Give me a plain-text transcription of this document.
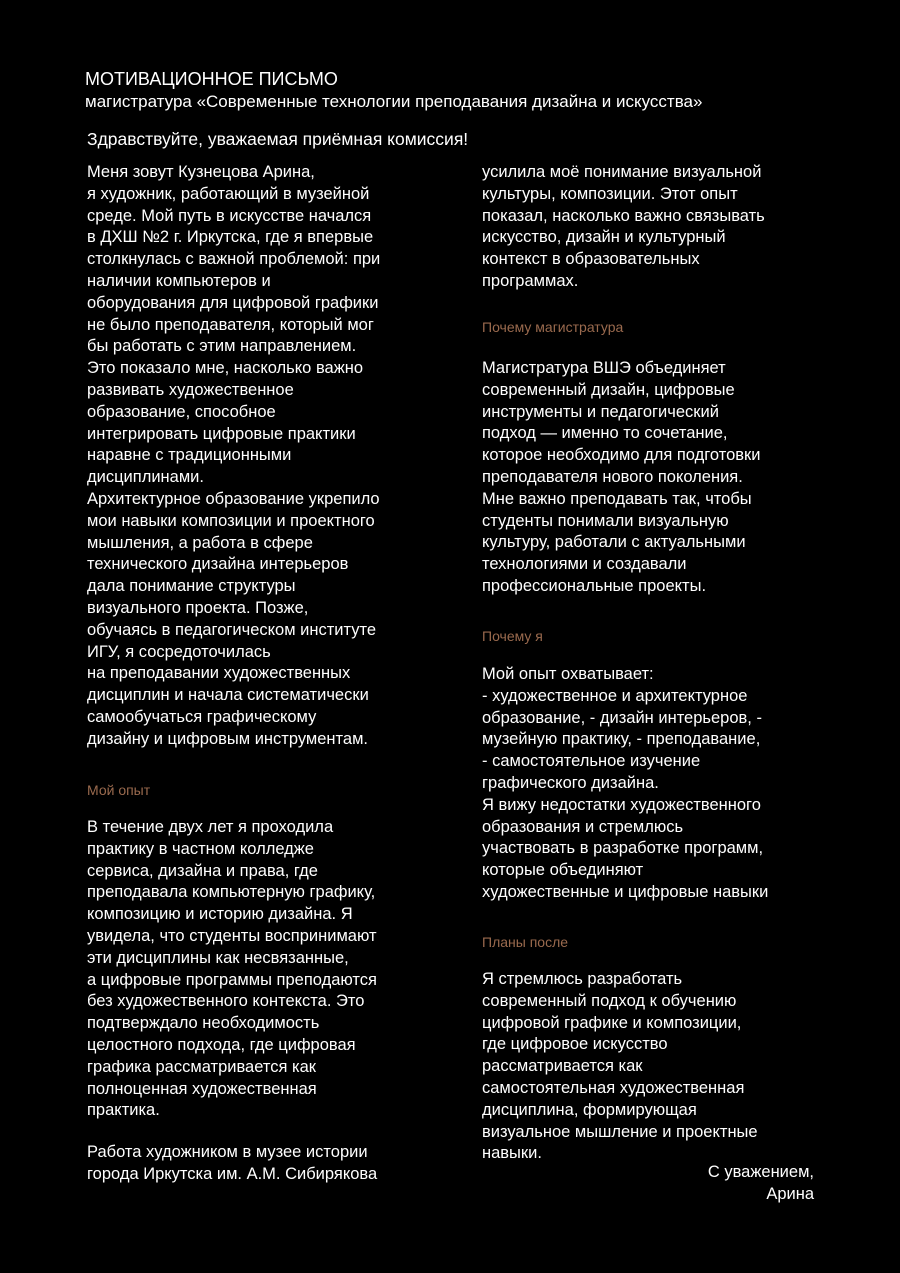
МОТИВАЦИОННОЕ ПИСЬМО
магистратура «Современные технологии преподавания дизайна и искусства»
Здравствуйте, уважаемая приёмная комиссия!
Меня зовут Кузнецова Арина,
я художник, работающий в музейной
среде. Мой путь в искусстве начался
в ДХШ №2 г. Иркутска, где я впервые
столкнулась с важной проблемой: при
наличии компьютеров и
оборудования для цифровой графики
не было преподавателя, который мог
бы работать с этим направлением.
Это показало мне, насколько важно
развивать художественное
образование, способное
интегрировать цифровые практики
наравне с традиционными
дисциплинами.
Архитектурное образование укрепило
мои навыки композиции и проектного
мышления, а работа в сфере
технического дизайна интерьеров
дала понимание структуры
визуального проекта. Позже,
обучаясь в педагогическом институте
ИГУ, я сосредоточилась
на преподавании художественных
дисциплин и начала систематически
самообучаться графическому
дизайну и цифровым инструментам.
Мой опыт
В течение двух лет я проходила
практику в частном колледже
сервиса, дизайна и права, где
преподавала компьютерную графику,
композицию и историю дизайна. Я
увидела, что студенты воспринимают
эти дисциплины как несвязанные,
а цифровые программы преподаются
без художественного контекста. Это
подтверждало необходимость
целостного подхода, где цифровая
графика рассматривается как
полноценная художественная
практика.
Работа художником в музее истории
города Иркутска им. А.М. Сибирякова
усилила моё понимание визуальной
культуры, композиции. Этот опыт
показал, насколько важно связывать
искусство, дизайн и культурный
контекст в образовательных
программах.
Почему магистратура
Магистратура ВШЭ объединяет
современный дизайн, цифровые
инструменты и педагогический
подход — именно то сочетание,
которое необходимо для подготовки
преподавателя нового поколения.
Мне важно преподавать так, чтобы
студенты понимали визуальную
культуру, работали с актуальными
технологиями и создавали
профессиональные проекты.
Почему я
Мой опыт охватывает:
- художественное и архитектурное
образование, - дизайн интерьеров, -
музейную практику, - преподавание,
- самостоятельное изучение
графического дизайна.
Я вижу недостатки художественного
образования и стремлюсь
участвовать в разработке программ,
которые объединяют
художественные и цифровые навыки
Планы после
Я стремлюсь разработать
современный подход к обучению
цифровой графике и композиции,
где цифровое искусство
рассматривается как
самостоятельная художественная
дисциплина, формирующая
визуальное мышление и проектные
навыки.
С уважением,
Арина
